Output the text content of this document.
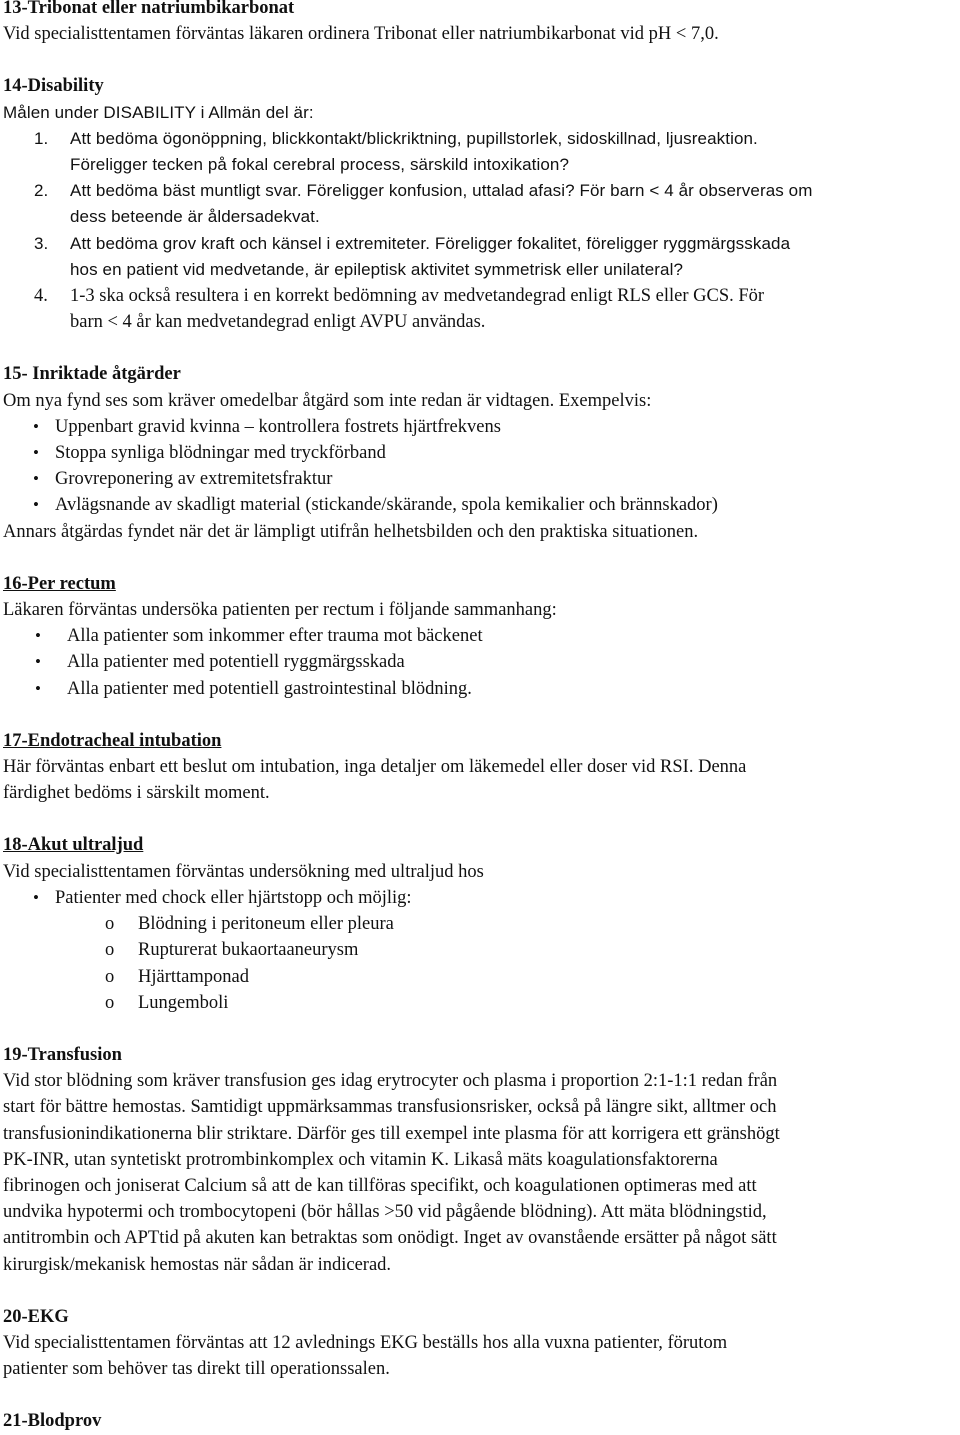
13-Tribonat eller natriumbikarbonat
Vid specialisttentamen förväntas läkaren ordinera Tribonat eller natriumbikarbonat vid pH < 7,0.
14-Disability
Målen under DISABILITY i Allmän del är:
1. Att bedöma ögonöppning, blickkontakt/blickriktning, pupillstorlek, sidoskillnad, ljusreaktion.
Föreligger tecken på fokal cerebral process, särskild intoxikation?
2. Att bedöma bäst muntligt svar. Föreligger konfusion, uttalad afasi? För barn < 4 år observeras om
dess beteende är åldersadekvat.
3. Att bedöma grov kraft och känsel i extremiteter. Föreligger fokalitet, föreligger ryggmärgsskada
hos en patient vid medvetande, är epileptisk aktivitet symmetrisk eller unilateral?
4. 1-3 ska också resultera i en korrekt bedömning av medvetandegrad enligt RLS eller GCS. För
barn < 4 år kan medvetandegrad enligt AVPU användas.
15- Inriktade åtgärder
Om nya fynd ses som kräver omedelbar åtgärd som inte redan är vidtagen. Exempelvis:
• Uppenbart gravid kvinna – kontrollera fostrets hjärtfrekvens
• Stoppa synliga blödningar med tryckförband
• Grovreponering av extremitetsfraktur
• Avlägsnande av skadligt material (stickande/skärande, spola kemikalier och brännskador)
Annars åtgärdas fyndet när det är lämpligt utifrån helhetsbilden och den praktiska situationen.
16-Per rectum
Läkaren förväntas undersöka patienten per rectum i följande sammanhang:
• Alla patienter som inkommer efter trauma mot bäckenet
• Alla patienter med potentiell ryggmärgsskada
• Alla patienter med potentiell gastrointestinal blödning.
17-Endotracheal intubation
Här förväntas enbart ett beslut om intubation, inga detaljer om läkemedel eller doser vid RSI. Denna
färdighet bedöms i särskilt moment.
18-Akut ultraljud
Vid specialisttentamen förväntas undersökning med ultraljud hos
• Patienter med chock eller hjärtstopp och möjlig:
o Blödning i peritoneum eller pleura
o Rupturerat bukaortaaneurysm
o Hjärttamponad
o Lungemboli
19-Transfusion
Vid stor blödning som kräver transfusion ges idag erytrocyter och plasma i proportion 2:1-1:1 redan från
start för bättre hemostas. Samtidigt uppmärksammas transfusionsrisker, också på längre sikt, alltmer och
transfusionindikationerna blir striktare. Därför ges till exempel inte plasma för att korrigera ett gränshögt
PK-INR, utan syntetiskt protrombinkomplex och vitamin K. Likaså mäts koagulationsfaktorerna
fibrinogen och joniserat Calcium så att de kan tillföras specifikt, och koagulationen optimeras med att
undvika hypotermi och trombocytopeni (bör hållas >50 vid pågående blödning). Att mäta blödningstid,
antitrombin och APTtid på akuten kan betraktas som onödigt. Inget av ovanstående ersätter på något sätt
kirurgisk/mekanisk hemostas när sådan är indicerad.
20-EKG
Vid specialisttentamen förväntas att 12 avlednings EKG beställs hos alla vuxna patienter, förutom
patienter som behöver tas direkt till operationssalen.
21-Blodprov
